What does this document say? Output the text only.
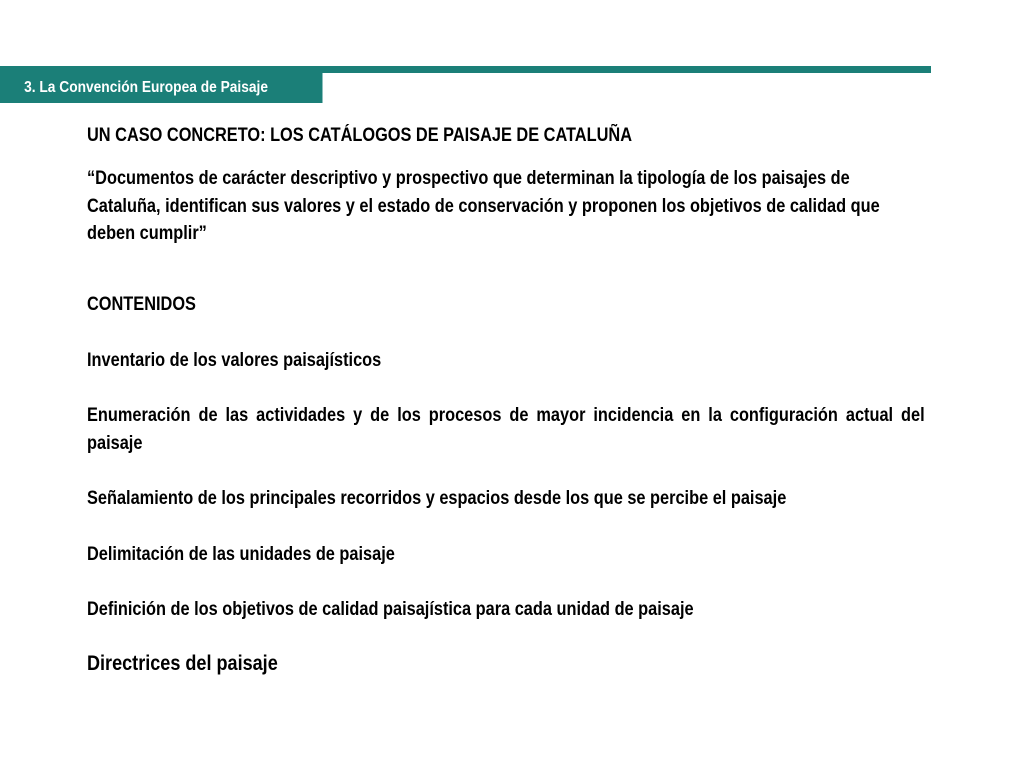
3. La Convención Europea de Paisaje

UN CASO CONCRETO: LOS CATÁLOGOS DE PAISAJE DE CATALUÑA

“Documentos de carácter descriptivo y prospectivo que determinan la tipología de los paisajes de Cataluña, identifican sus valores y el estado de conservación y proponen los objetivos de calidad que deben cumplir”

CONTENIDOS

Inventario de los valores paisajísticos

Enumeración de las actividades y de los procesos de mayor incidencia en la configuración actual del paisaje

Señalamiento de los principales recorridos y espacios desde los que se percibe el paisaje

Delimitación de las unidades de paisaje

Definición de los objetivos de calidad paisajística para cada unidad de paisaje

Directrices del paisaje
